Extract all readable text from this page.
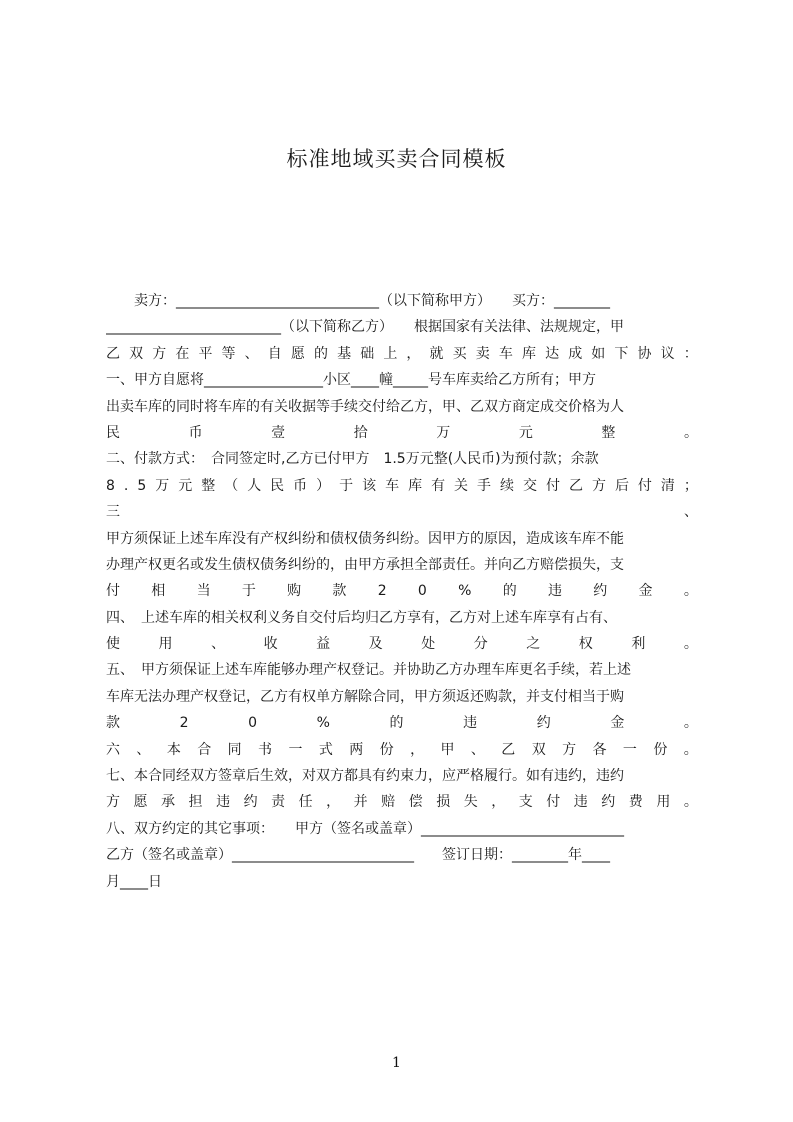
标准地域买卖合同模板
　　卖方：_____________________________（以下简称甲方）　　买方：________
_________________________（以下简称乙方）　　根据国家有关法律、法规规定，甲
乙 双 方 在 平 等 、 自 愿 的 基 础 上 ， 就 买 卖 车 库 达 成 如 下 协 议 ：
一、甲方自愿将_________________小区____幢_____号车库卖给乙方所有；甲方
出卖车库的同时将车库的有关收据等手续交付给乙方，甲、乙双方商定成交价格为人
民	币	壹	拾	万	元	整	。
二、付款方式：　合同签定时,乙方已付甲方　1.5万元整(人民币)为预付款；余款
8 . 5 万 元 整 （ 人 民 币 ） 于 该 车 库 有 关 手 续 交 付 乙 方 后 付 清 ；
三	、
甲方须保证上述车库没有产权纠纷和债权债务纠纷。因甲方的原因，造成该车库不能
办理产权更名或发生债权债务纠纷的，由甲方承担全部责任。并向乙方赔偿损失，支
付 相 当 于 购 款 2 0 % 的 违 约 金 。
四、　上述车库的相关权利义务自交付后均归乙方享有，乙方对上述车库享有占有、
使	用	、	收	益	及	处	分	之	权	利	。
五、　甲方须保证上述车库能够办理产权登记。并协助乙方办理车库更名手续，若上述
车库无法办理产权登记，乙方有权单方解除合同，甲方须返还购款，并支付相当于购
款	2	0	%	的	违	约	金	。
六 、 本 合 同 书 一 式 两 份 ， 甲 、 乙 双 方 各 一 份 。
七、本合同经双方签章后生效，对双方都具有约束力，应严格履行。如有违约，违约
方 愿 承 担 违 约 责 任 ， 并 赔 偿 损 失 ， 支 付 违 约 费 用 。
八、双方约定的其它事项：　　甲方（签名或盖章）_____________________________
乙方（签名或盖章）__________________________　　签订日期：________年____
月____日
1
